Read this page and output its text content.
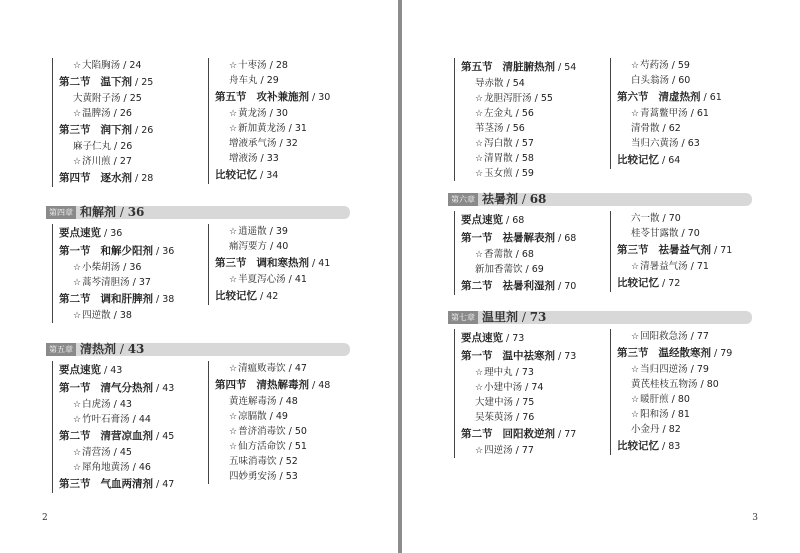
☆ 大陷胸汤 / 24
第二节 温下剂 / 25
大黄附子汤 / 25
☆ 温脾汤 / 26
第三节 润下剂 / 26
麻子仁丸 / 26
☆ 济川煎 / 27
第四节 逐水剂 / 28
☆ 十枣汤 / 28
舟车丸 / 29
第五节 攻补兼施剂 / 30
☆ 黄龙汤 / 30
☆ 新加黄龙汤 / 31
增液承气汤 / 32
增液汤 / 33
比较记忆 / 34
第四章 和解剂 / 36
要点速览 / 36
第一节 和解少阳剂 / 36
☆ 小柴胡汤 / 36
☆ 蒿芩清胆汤 / 37
第二节 调和肝脾剂 / 38
☆ 四逆散 / 38
☆ 逍遥散 / 39
痛泻要方 / 40
第三节 调和寒热剂 / 41
☆ 半夏泻心汤 / 41
比较记忆 / 42
第五章 清热剂 / 43
要点速览 / 43
第一节 清气分热剂 / 43
☆ 白虎汤 / 43
☆ 竹叶石膏汤 / 44
第二节 清营凉血剂 / 45
☆ 清营汤 / 45
☆ 犀角地黄汤 / 46
第三节 气血两清剂 / 47
☆ 清瘟败毒饮 / 47
第四节 清热解毒剂 / 48
黄连解毒汤 / 48
☆ 凉膈散 / 49
☆ 普济消毒饮 / 50
☆ 仙方活命饮 / 51
五味消毒饮 / 52
四妙勇安汤 / 53
2
第五节 清脏腑热剂 / 54
导赤散 / 54
☆ 龙胆泻肝汤 / 55
☆ 左金丸 / 56
苇茎汤 / 56
☆ 泻白散 / 57
☆ 清胃散 / 58
☆ 玉女煎 / 59
☆ 芍药汤 / 59
白头翁汤 / 60
第六节 清虚热剂 / 61
☆ 青蒿鳖甲汤 / 61
清骨散 / 62
当归六黄汤 / 63
比较记忆 / 64
第六章 祛暑剂 / 68
要点速览 / 68
第一节 祛暑解表剂 / 68
☆ 香薷散 / 68
新加香薷饮 / 69
第二节 祛暑利湿剂 / 70
六一散 / 70
桂苓甘露散 / 70
第三节 祛暑益气剂 / 71
☆ 清暑益气汤 / 71
比较记忆 / 72
第七章 温里剂 / 73
要点速览 / 73
第一节 温中祛寒剂 / 73
☆ 理中丸 / 73
☆ 小建中汤 / 74
大建中汤 / 75
吴茱萸汤 / 76
第二节 回阳救逆剂 / 77
☆ 四逆汤 / 77
☆ 回阳救急汤 / 77
第三节 温经散寒剂 / 79
☆ 当归四逆汤 / 79
黄芪桂枝五物汤 / 80
☆ 暖肝煎 / 80
☆ 阳和汤 / 81
小金丹 / 82
比较记忆 / 83
3
